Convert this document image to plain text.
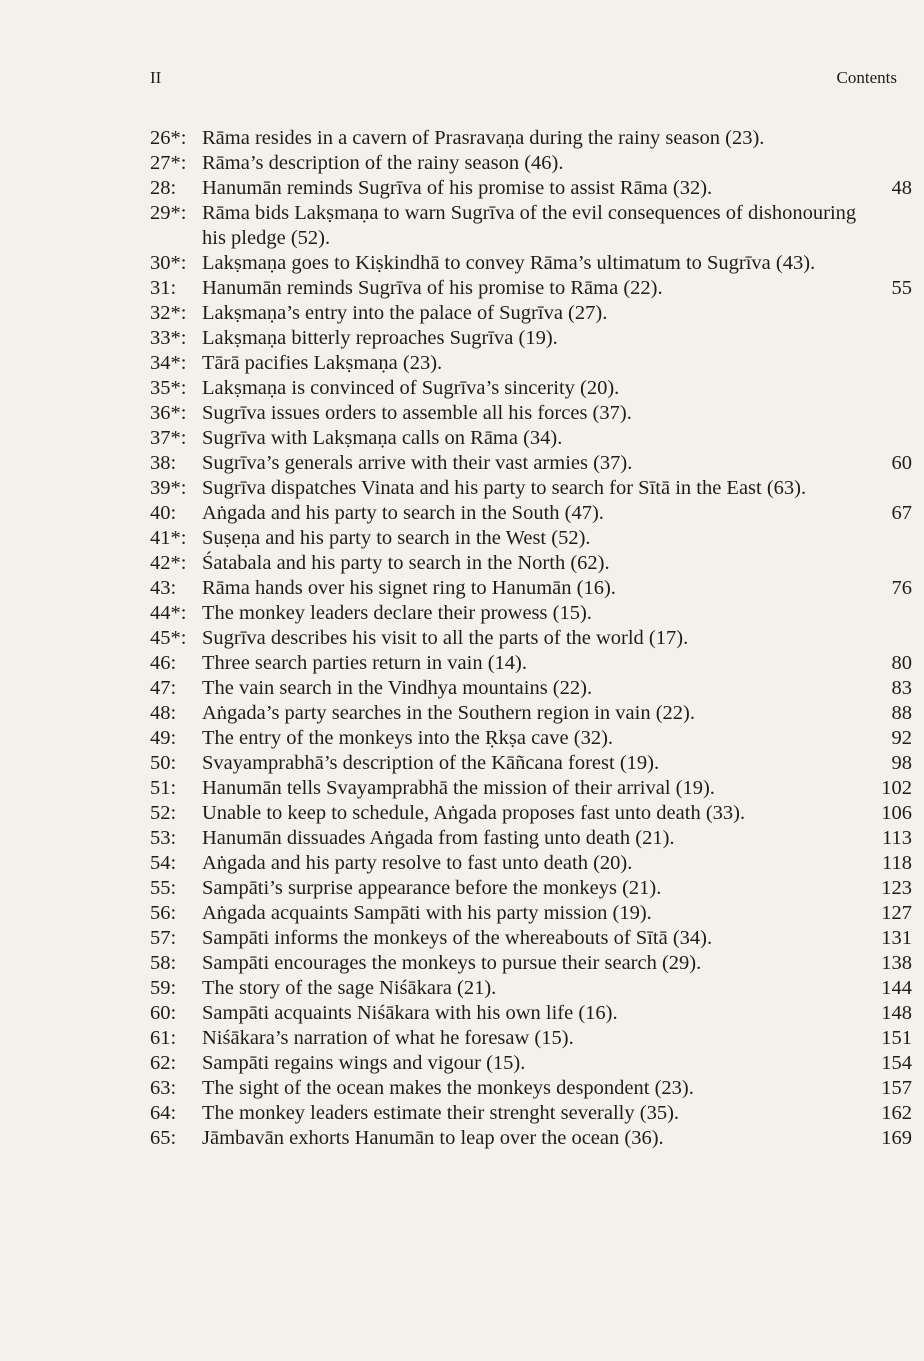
II	Contents
26*: Rāma resides in a cavern of Prasravaṇa during the rainy season (23).
27*: Rāma’s description of the rainy season (46).
28:	Hanumān reminds Sugrīva of his promise to assist Rāma (32).	48
29*: Rāma bids Lakṣmaṇa to warn Sugrīva of the evil consequences of dishonouring his pledge (52).
30*: Lakṣmaṇa goes to Kiṣkindhā to convey Rāma’s ultimatum to Sugrīva (43).
31:	Hanumān reminds Sugrīva of his promise to Rāma (22).	55
32*: Lakṣmaṇa’s entry into the palace of Sugrīva (27).
33*: Lakṣmaṇa bitterly reproaches Sugrīva (19).
34*: Tārā pacifies Lakṣmaṇa (23).
35*: Lakṣmaṇa is convinced of Sugrīva’s sincerity (20).
36*: Sugrīva issues orders to assemble all his forces (37).
37*: Sugrīva with Lakṣmaṇa calls on Rāma (34).
38:	Sugrīva’s generals arrive with their vast armies (37).	60
39*: Sugrīva dispatches Vinata and his party to search for Sītā in the East (63).
40:	Aṅgada and his party to search in the South (47).	67
41*: Suṣeṇa and his party to search in the West (52).
42*: Śatabala and his party to search in the North (62).
43:	Rāma hands over his signet ring to Hanumān (16).	76
44*: The monkey leaders declare their prowess (15).
45*: Sugrīva describes his visit to all the parts of the world (17).
46:	Three search parties return in vain (14).	80
47:	The vain search in the Vindhya mountains (22).	83
48:	Aṅgada’s party searches in the Southern region in vain (22).	88
49:	The entry of the monkeys into the Ṛkṣa cave (32).	92
50:	Svayamprabhā’s description of the Kāñcana forest (19).	98
51:	Hanumān tells Svayamprabhā the mission of their arrival (19).	102
52:	Unable to keep to schedule, Aṅgada proposes fast unto death (33).	106
53:	Hanumān dissuades Aṅgada from fasting unto death (21).	113
54:	Aṅgada and his party resolve to fast unto death (20).	118
55:	Sampāti’s surprise appearance before the monkeys (21).	123
56:	Aṅgada acquaints Sampāti with his party mission (19).	127
57:	Sampāti informs the monkeys of the whereabouts of Sītā (34).	131
58:	Sampāti encourages the monkeys to pursue their search (29).	138
59:	The story of the sage Niśākara (21).	144
60:	Sampāti acquaints Niśākara with his own life (16).	148
61:	Niśākara’s narration of what he foresaw (15).	151
62:	Sampāti regains wings and vigour (15).	154
63:	The sight of the ocean makes the monkeys despondent (23).	157
64:	The monkey leaders estimate their strenght severally (35).	162
65:	Jāmbavān exhorts Hanumān to leap over the ocean (36).	169
